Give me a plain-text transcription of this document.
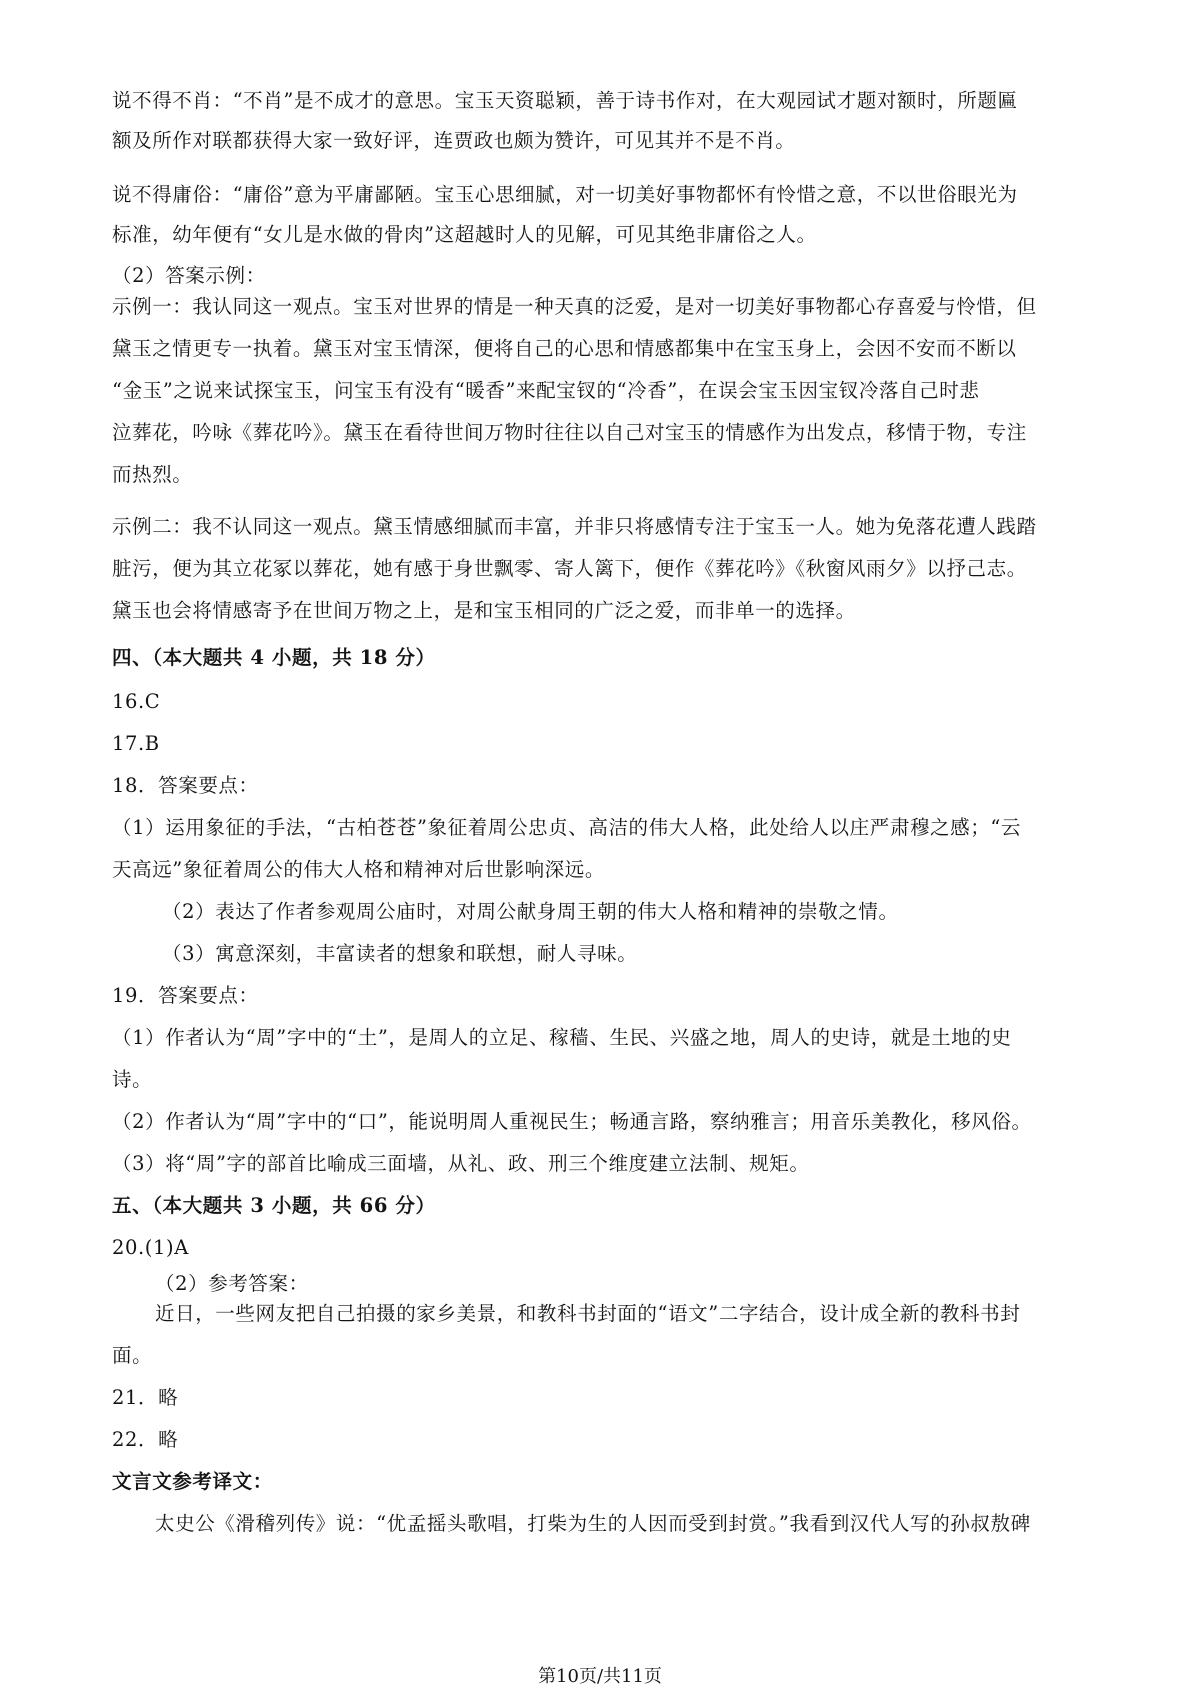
说不得不肖：“不肖”是不成才的意思。宝玉天资聪颖，善于诗书作对，在大观园试才题对额时，所题匾
额及所作对联都获得大家一致好评，连贾政也颇为赞许，可见其并不是不肖。
说不得庸俗：“庸俗”意为平庸鄙陋。宝玉心思细腻，对一切美好事物都怀有怜惜之意，不以世俗眼光为
标准，幼年便有“女儿是水做的骨肉”这超越时人的见解，可见其绝非庸俗之人。
（2）答案示例：
示例一：我认同这一观点。宝玉对世界的情是一种天真的泛爱，是对一切美好事物都心存喜爱与怜惜，但
黛玉之情更专一执着。黛玉对宝玉情深，便将自己的心思和情感都集中在宝玉身上，会因不安而不断以
“金玉”之说来试探宝玉，问宝玉有没有“暖香”来配宝钗的“冷香”，在误会宝玉因宝钗冷落自己时悲
泣葬花，吟咏《葬花吟》。黛玉在看待世间万物时往往以自己对宝玉的情感作为出发点，移情于物，专注
而热烈。
示例二：我不认同这一观点。黛玉情感细腻而丰富，并非只将感情专注于宝玉一人。她为免落花遭人践踏
脏污，便为其立花冢以葬花，她有感于身世飘零、寄人篱下，便作《葬花吟》《秋窗风雨夕》以抒己志。
黛玉也会将情感寄予在世间万物之上，是和宝玉相同的广泛之爱，而非单一的选择。
四、（本大题共 4 小题，共 18 分）
16.C
17.B
18．答案要点：
（1）运用象征的手法，“古柏苍苍”象征着周公忠贞、高洁的伟大人格，此处给人以庄严肃穆之感；“云
天高远”象征着周公的伟大人格和精神对后世影响深远。
（2）表达了作者参观周公庙时，对周公献身周王朝的伟大人格和精神的崇敬之情。
（3）寓意深刻，丰富读者的想象和联想，耐人寻味。
19．答案要点：
（1）作者认为“周”字中的“土”，是周人的立足、稼穑、生民、兴盛之地，周人的史诗，就是土地的史
诗。
（2）作者认为“周”字中的“口”，能说明周人重视民生；畅通言路，察纳雅言；用音乐美教化，移风俗。
（3）将“周”字的部首比喻成三面墙，从礼、政、刑三个维度建立法制、规矩。
五、（本大题共 3 小题，共 66 分）
20.(1)A
（2）参考答案：
近日，一些网友把自己拍摄的家乡美景，和教科书封面的“语文”二字结合，设计成全新的教科书封
面。
21．略
22．略
文言文参考译文：
太史公《滑稽列传》说：“优孟摇头歌唱，打柴为生的人因而受到封赏。”我看到汉代人写的孙叔敖碑
第10页/共11页
